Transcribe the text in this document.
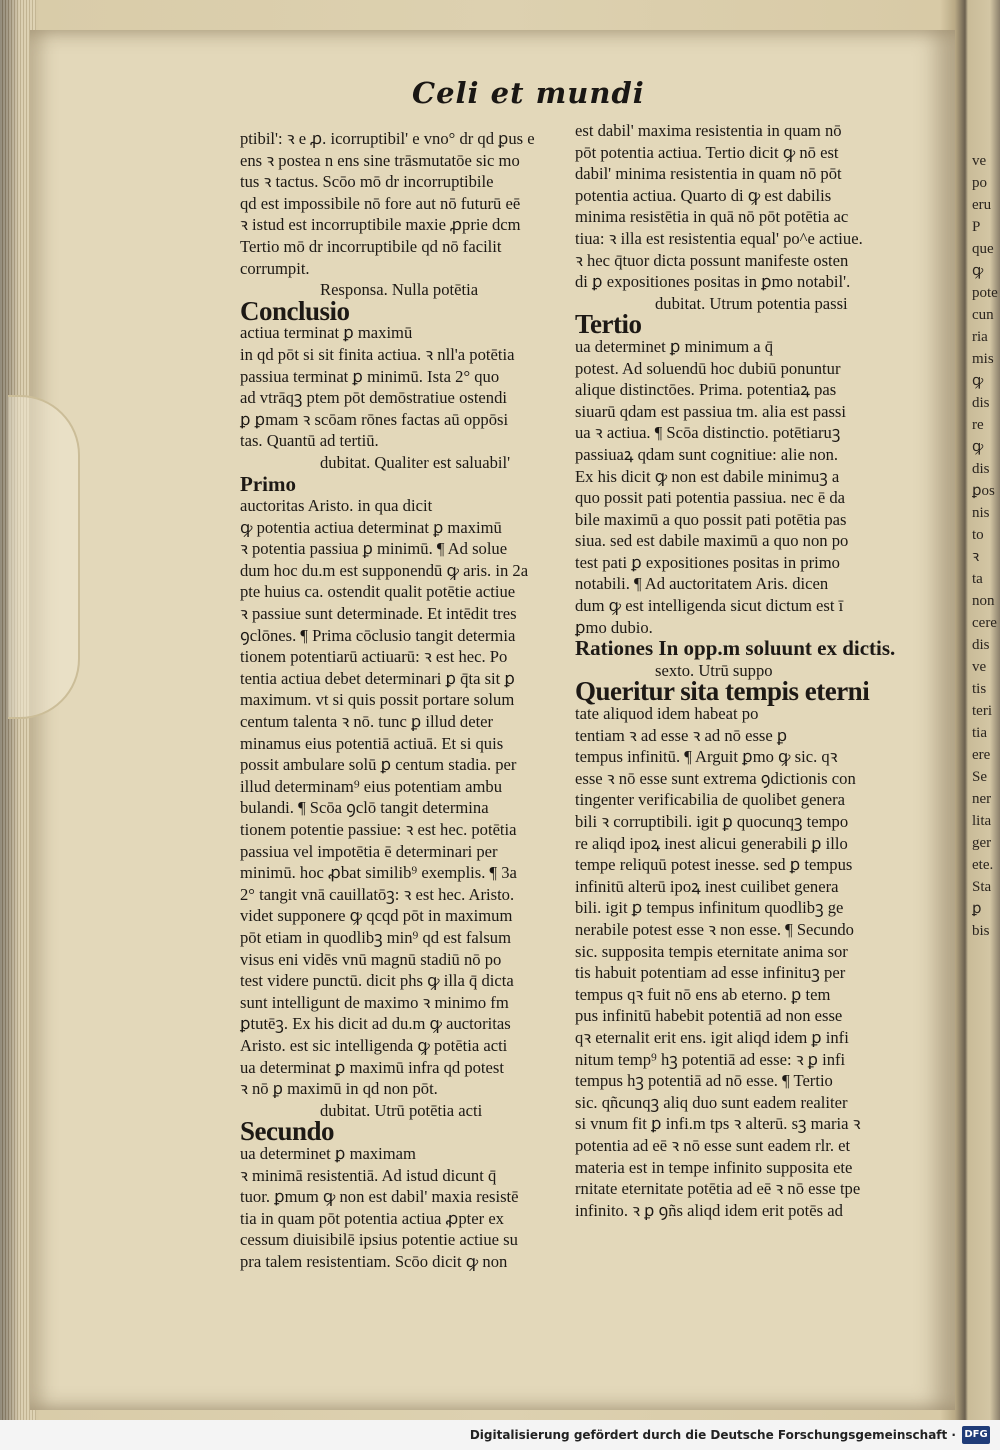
Celi et mundi

ptibil': ꝛ e ꝓ. icorruptibil' e vno° dr qd ꝑus e

ens ꝛ postea n ens sine trāsmutatōe sic mo

tus ꝛ tactus. Scōo mō dr incorruptibile

qd est impossibile nō fore aut nō futurū eē

ꝛ istud est incorruptibile maxie ꝓprie dcm

Tertio mō dr incorruptibile qd nō facilit

corrumpit.

Responsa. Nulla potētia

Conclusio

actiua terminat ꝑ maximū

in qd pōt si sit finita actiua. ꝛ nll'a potētia

passiua terminat ꝑ minimū. Ista 2° quo

ad vtrāqꝫ ptem pōt demōstratiue ostendi

ꝑ ꝑmam ꝛ scōam rōnes factas aū oppōsi

tas. Quantū ad tertiū.

dubitat. Qualiter est saluabil'

Primo

auctoritas Aristo. in qua dicit

ꝙ potentia actiua determinat ꝑ maximū

ꝛ potentia passiua ꝑ minimū. ¶ Ad solue

dum hoc du.m est supponendū ꝙ aris. in 2a

pte huius ca. ostendit qualit potētie actiue

ꝛ passiue sunt determinade. Et intēdit tres

ꝯclōnes. ¶ Prima cōclusio tangit determia

tionem potentiarū actiuarū: ꝛ est hec. Po

tentia actiua debet determinari ꝑ q̄ta sit ꝑ

maximum. vt si quis possit portare solum

centum talenta ꝛ nō. tunc ꝑ illud deter

minamus eius potentiā actiuā. Et si quis

possit ambulare solū ꝑ centum stadia. per

illud determinam⁹ eius potentiam ambu

bulandi. ¶ Scōa ꝯclō tangit determina

tionem potentie passiue: ꝛ est hec. potētia

passiua vel impotētia ē determinari per

minimū. hoc ꝓbat similib⁹ exemplis. ¶ 3a

2° tangit vnā cauillatōꝫ: ꝛ est hec. Aristo.

videt supponere ꝙ qcqd pōt in maximum

pōt etiam in quodlibꝫ min⁹ qd est falsum

visus eni vidēs vnū magnū stadiū nō po

test videre punctū. dicit phs ꝙ illa q̄ dicta

sunt intelligunt de maximo ꝛ minimo fm

ꝑtutēꝫ. Ex his dicit ad du.m ꝙ auctoritas

Aristo. est sic intelligenda ꝙ potētia acti

ua determinat ꝑ maximū infra qd potest

ꝛ nō ꝑ maximū in qd non pōt.

dubitat. Utrū potētia acti

Secundo

ua determinet ꝑ maximam

ꝛ minimā resistentiā. Ad istud dicunt q̄

tuor. ꝑmum ꝙ non est dabil' maxia resistē

tia in quam pōt potentia actiua ꝓpter ex

cessum diuisibilē ipsius potentie actiue su

pra talem resistentiam. Scōo dicit ꝙ non

est dabil' maxima resistentia in quam nō

pōt potentia actiua. Tertio dicit ꝙ nō est

dabil' minima resistentia in quam nō pōt

potentia actiua. Quarto di ꝙ est dabilis

minima resistētia in quā nō pōt potētia ac

tiua: ꝛ illa est resistentia equal' po^e actiue.

ꝛ hec q̄tuor dicta possunt manifeste osten

di ꝑ expositiones positas in ꝑmo notabil'.

dubitat. Utrum potentia passi

Tertio

ua determinet ꝑ minimum a q̄

potest. Ad soluendū hoc dubiū ponuntur

alique distinctōes. Prima. potentiaꝝ pas

siuarū qdam est passiua tm. alia est passi

ua ꝛ actiua. ¶ Scōa distinctio. potētiaruꝫ

passiuaꝝ qdam sunt cognitiue: alie non.

Ex his dicit ꝙ non est dabile minimuꝫ a

quo possit pati potentia passiua. nec ē da

bile maximū a quo possit pati potētia pas

siua. sed est dabile maximū a quo non po

test pati ꝑ expositiones positas in primo

notabili. ¶ Ad auctoritatem Aris. dicen

dum ꝙ est intelligenda sicut dictum est ī

ꝑmo dubio.

Rationes In opp.m soluunt ex dictis.

sexto. Utrū suppo

Queritur sita tempis eterni

tate aliquod idem habeat po

tentiam ꝛ ad esse ꝛ ad nō esse ꝑ

tempus infinitū. ¶ Arguit ꝑmo ꝙ sic. qꝛ

esse ꝛ nō esse sunt extrema ꝯdictionis con

tingenter verificabilia de quolibet genera

bili ꝛ corruptibili. igit ꝑ quocunqꝫ tempo

re aliqd ipoꝝ inest alicui generabili ꝑ illo

tempe reliquū potest inesse. sed ꝑ tempus

infinitū alterū ipoꝝ inest cuilibet genera

bili. igit ꝑ tempus infinitum quodlibꝫ ge

nerabile potest esse ꝛ non esse. ¶ Secundo

sic. supposita tempis eternitate anima sor

tis habuit potentiam ad esse infinituꝫ per

tempus qꝛ fuit nō ens ab eterno. ꝑ tem

pus infinitū habebit potentiā ad non esse

qꝛ eternalit erit ens. igit aliqd idem ꝑ infi

nitum temp⁹ hꝫ potentiā ad esse: ꝛ ꝑ infi

tempus hꝫ potentiā ad nō esse. ¶ Tertio

sic. qñcunqꝫ aliq duo sunt eadem realiter

si vnum fit ꝑ infi.m tps ꝛ alterū. sꝫ maria ꝛ

potentia ad eē ꝛ nō esse sunt eadem rlr. et

materia est in tempe infinito supposita ete

rnitate eternitate potētia ad eē ꝛ nō esse tpe

infinito. ꝛ ꝑ ꝯñs aliqd idem erit potēs ad

ve
po
eru
P
que
ꝙ
pote
cun
ria
mis
ꝙ
dis
re
ꝙ
dis
ꝑos
nis
to
ꝛ
ta
non
cere
dis
ve
tis
teri
tia
ere
Se
ner
lita
ger
ete.
Sta
ꝑ
bis
Digitalisierung gefördert durch die Deutsche Forschungsgemeinschaft · DFG
